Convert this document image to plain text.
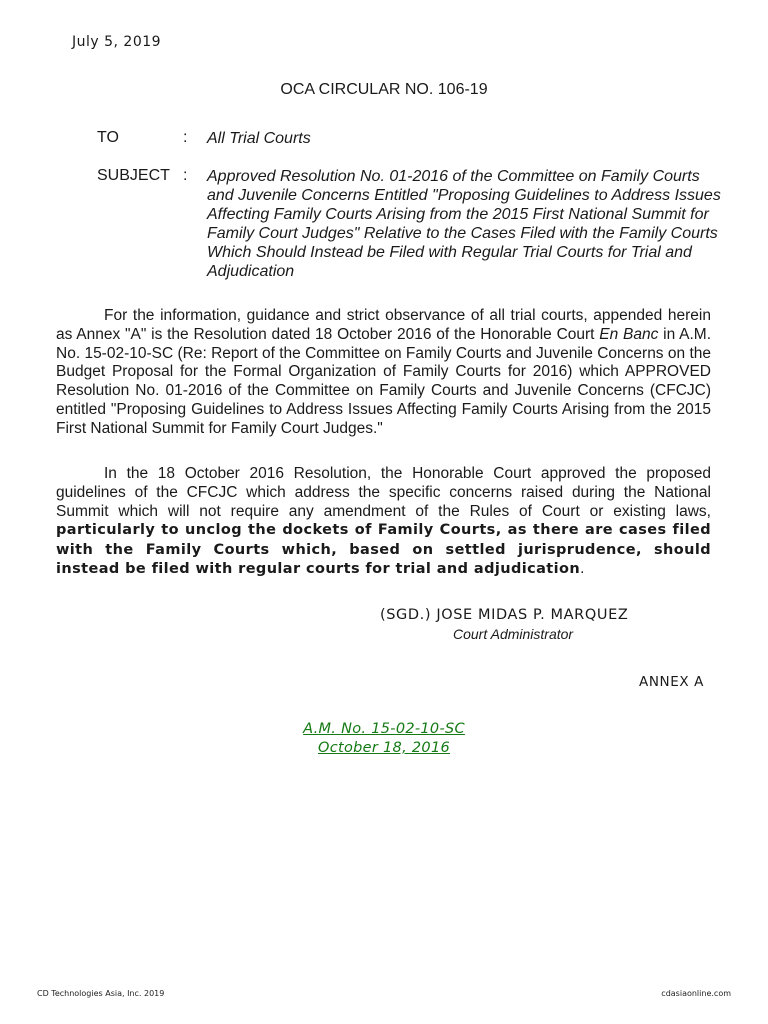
July 5, 2019
OCA CIRCULAR NO. 106-19
TO	: All Trial Courts
SUBJECT : Approved Resolution No. 01-2016 of the Committee on Family Courts and Juvenile Concerns Entitled "Proposing Guidelines to Address Issues Affecting Family Courts Arising from the 2015 First National Summit for Family Court Judges" Relative to the Cases Filed with the Family Courts Which Should Instead be Filed with Regular Trial Courts for Trial and Adjudication

For the information, guidance and strict observance of all trial courts, appended herein as Annex "A" is the Resolution dated 18 October 2016 of the Honorable Court En Banc in A.M. No. 15-02-10-SC (Re: Report of the Committee on Family Courts and Juvenile Concerns on the Budget Proposal for the Formal Organization of Family Courts for 2016) which APPROVED Resolution No. 01-2016 of the Committee on Family Courts and Juvenile Concerns (CFCJC) entitled "Proposing Guidelines to Address Issues Affecting Family Courts Arising from the 2015 First National Summit for Family Court Judges."

In the 18 October 2016 Resolution, the Honorable Court approved the proposed guidelines of the CFCJC which address the specific concerns raised during the National Summit which will not require any amendment of the Rules of Court or existing laws, particularly to unclog the dockets of Family Courts, as there are cases filed with the Family Courts which, based on settled jurisprudence, should instead be filed with regular courts for trial and adjudication.

(SGD.) JOSE MIDAS P. MARQUEZ
Court Administrator
ANNEX A
A.M. No. 15-02-10-SC
October 18, 2016
CD Technologies Asia, Inc. 2019	cdasiaonline.com
